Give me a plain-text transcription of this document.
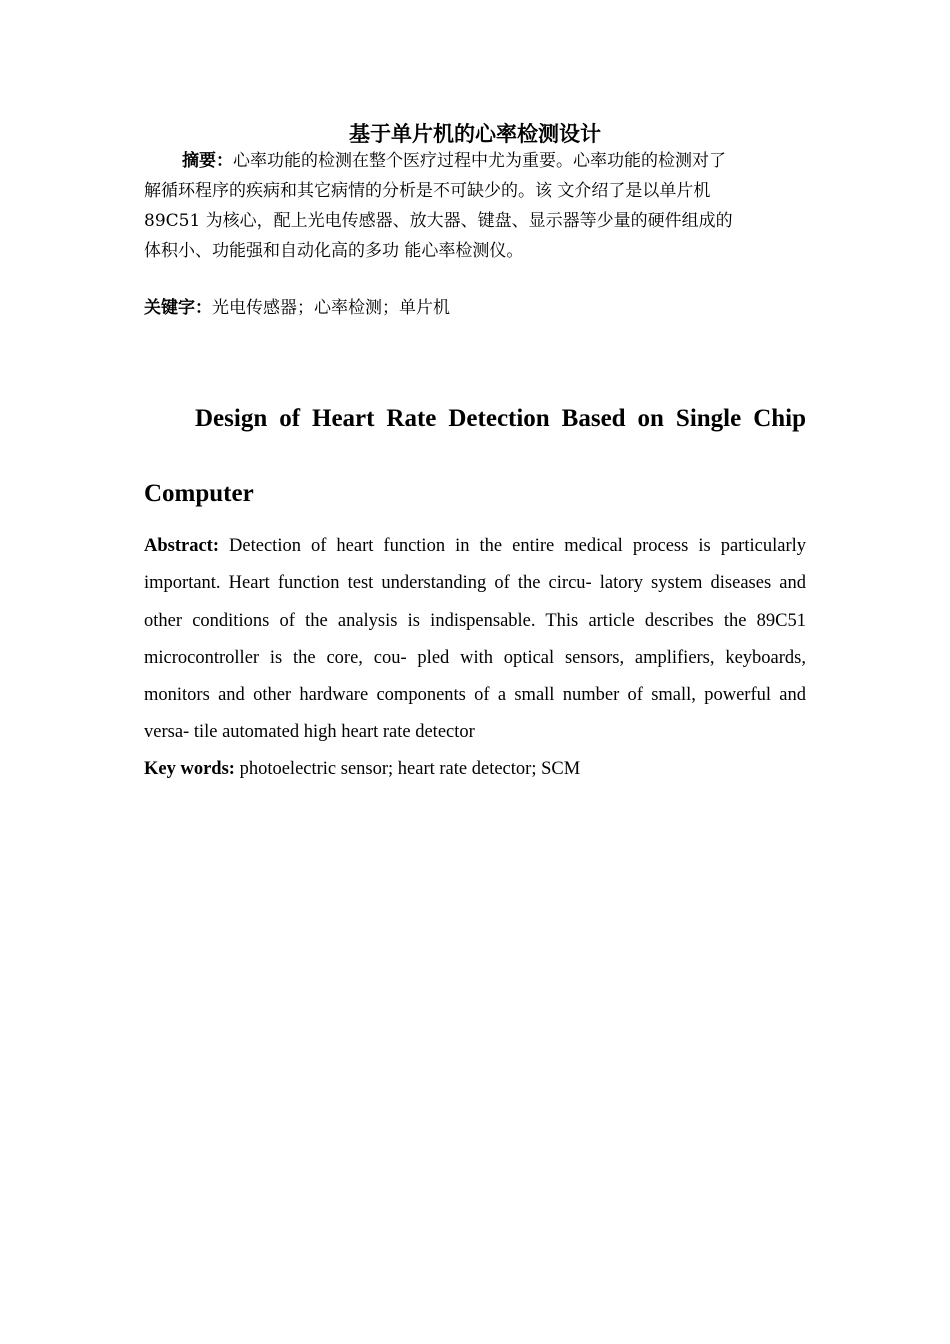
基于单片机的心率检测设计
摘要：心率功能的检测在整个医疗过程中尤为重要。心率功能的检测对了
解循环程序的疾病和其它病情的分析是不可缺少的。该 文介绍了是以单片机
89C51 为核心，配上光电传感器、放大器、键盘、显示器等少量的硬件组成的
体积小、功能强和自动化高的多功 能心率检测仪。
关键字：光电传感器；心率检测；单片机
Design of Heart Rate Detection Based on Single Chip
Computer
Abstract: Detection of heart function in the entire medical process is particularly
important. Heart function test understanding of the circu‐ latory system diseases and
other conditions of the analysis is indispensable. This article describes the 89C51
microcontroller is the core, cou‐ pled with optical sensors, amplifiers, keyboards,
monitors and other hardware components of a small number of small, powerful and
versa‐ tile automated high heart rate detector
Key words: photoelectric sensor; heart rate detector; SCM
